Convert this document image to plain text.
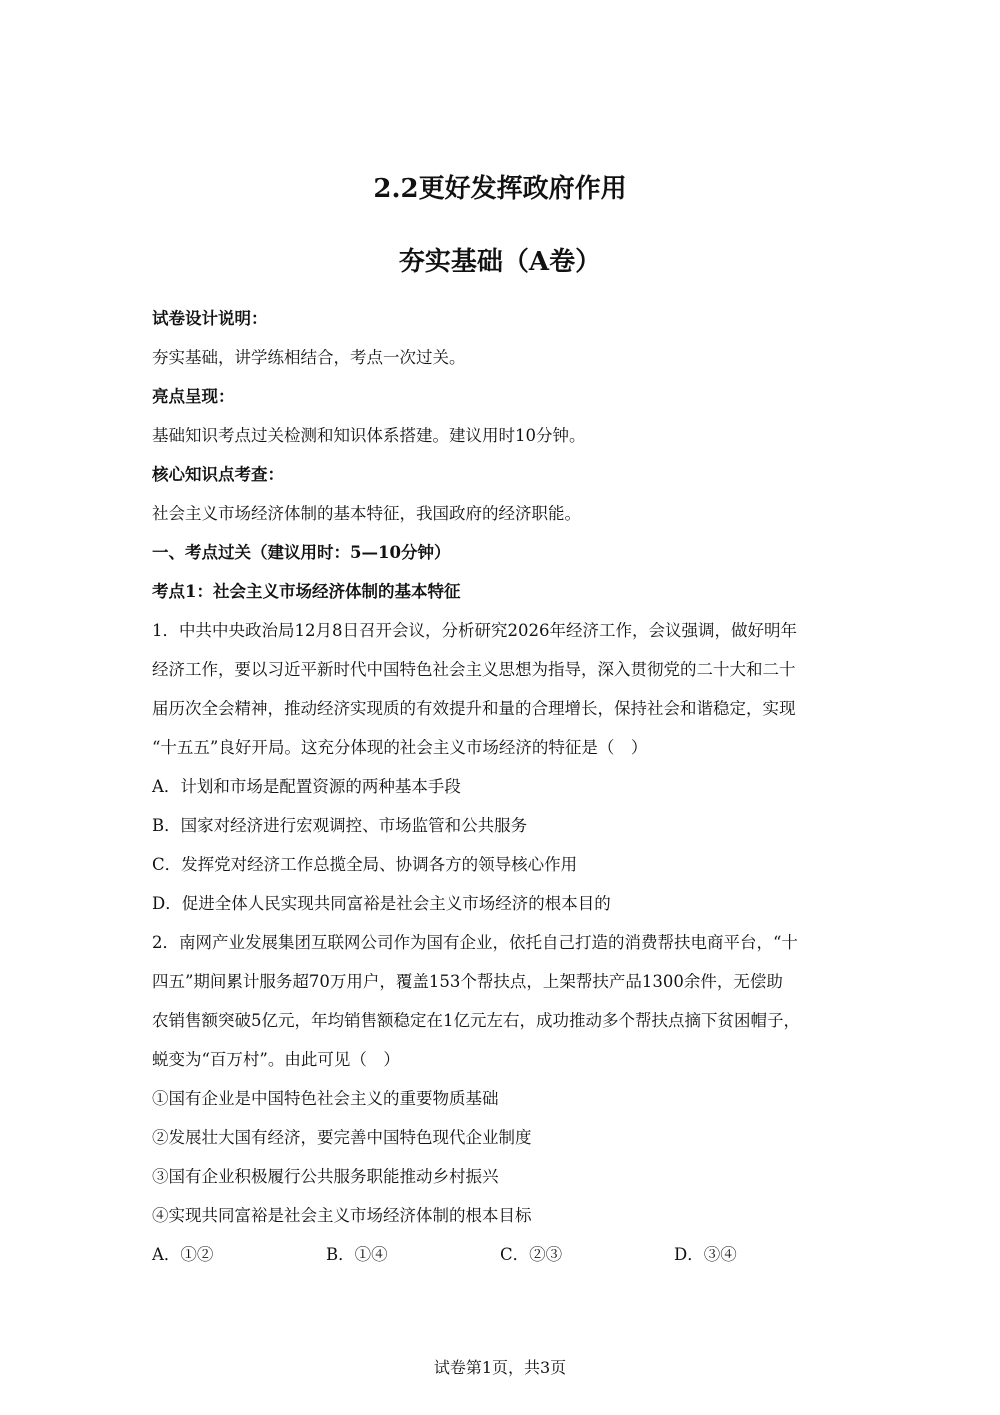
2.2更好发挥政府作用
夯实基础（A卷）

试卷设计说明：

夯实基础，讲学练相结合，考点一次过关。

亮点呈现：

基础知识考点过关检测和知识体系搭建。建议用时10分钟。

核心知识点考查：

社会主义市场经济体制的基本特征，我国政府的经济职能。

一、考点过关（建议用时：5—10分钟）

考点1：社会主义市场经济体制的基本特征

1．中共中央政治局12月8日召开会议，分析研究2026年经济工作，会议强调，做好明年

经济工作，要以习近平新时代中国特色社会主义思想为指导，深入贯彻党的二十大和二十

届历次全会精神，推动经济实现质的有效提升和量的合理增长，保持社会和谐稳定，实现

“十五五”良好开局。这充分体现的社会主义市场经济的特征是（　）

A．计划和市场是配置资源的两种基本手段

B．国家对经济进行宏观调控、市场监管和公共服务

C．发挥党对经济工作总揽全局、协调各方的领导核心作用

D．促进全体人民实现共同富裕是社会主义市场经济的根本目的

2．南网产业发展集团互联网公司作为国有企业，依托自己打造的消费帮扶电商平台，“十

四五”期间累计服务超70万用户，覆盖153个帮扶点，上架帮扶产品1300余件，无偿助

农销售额突破5亿元，年均销售额稳定在1亿元左右，成功推动多个帮扶点摘下贫困帽子，

蜕变为“百万村”。由此可见（　）

①国有企业是中国特色社会主义的重要物质基础

②发展壮大国有经济，要完善中国特色现代企业制度

③国有企业积极履行公共服务职能推动乡村振兴

④实现共同富裕是社会主义市场经济体制的根本目标

A．①②	B．①④	C．②③	D．③④
试卷第1页，共3页
